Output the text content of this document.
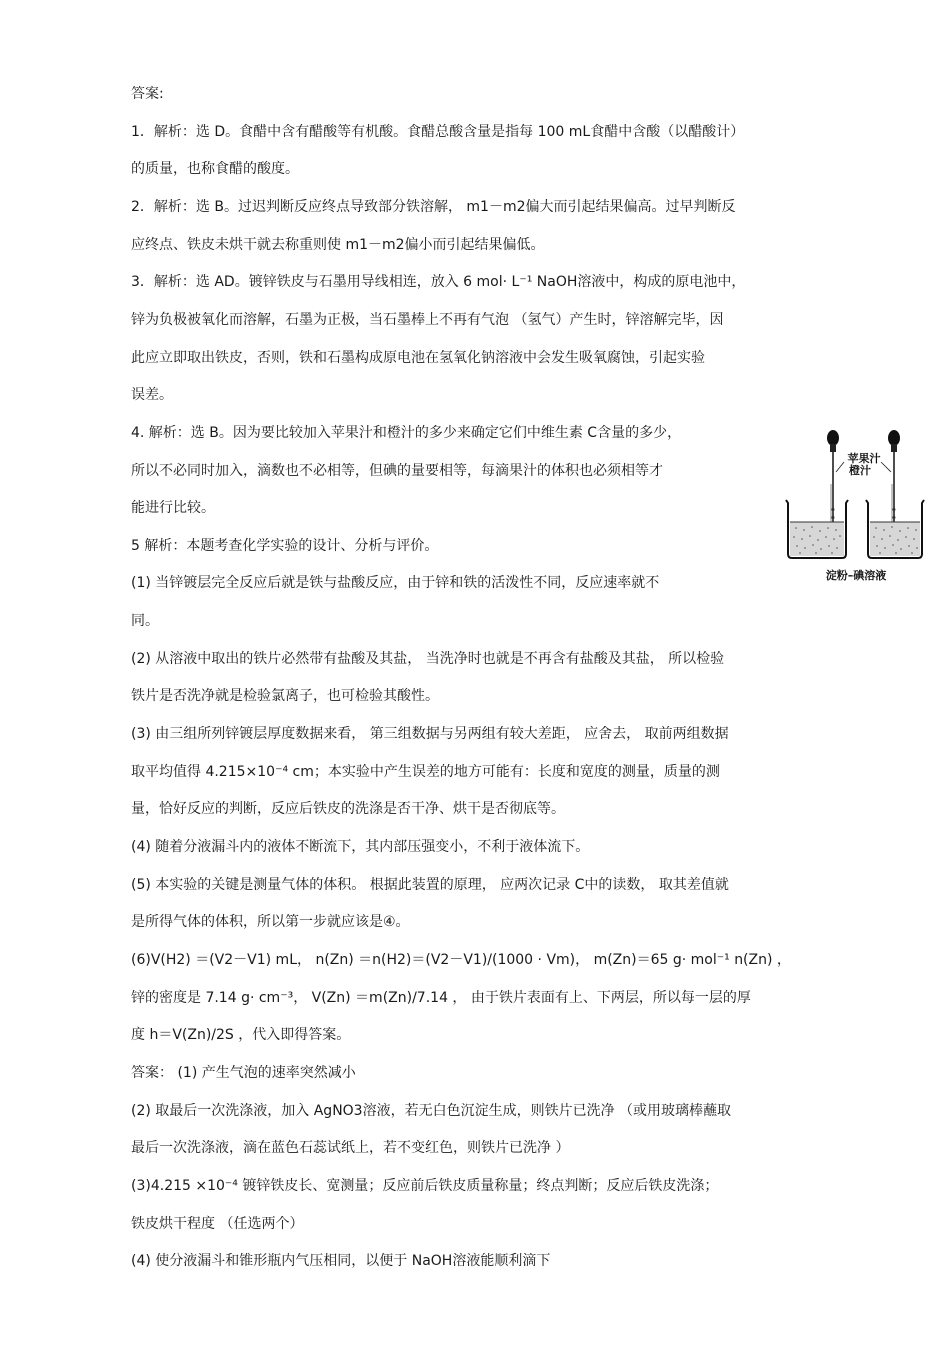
答案:
1．解析：选 D。食醋中含有醋酸等有机酸。食醋总酸含量是指每 100 mL食醋中含酸（以醋酸计）
的质量，也称食醋的酸度。
2．解析：选 B。过迟判断反应终点导致部分铁溶解， m1－m2偏大而引起结果偏高。过早判断反
应终点、铁皮未烘干就去称重则使 m1－m2偏小而引起结果偏低。
3．解析：选 AD。镀锌铁皮与石墨用导线相连，放入 6 mol· L⁻¹ NaOH溶液中，构成的原电池中，
锌为负极被氧化而溶解，石墨为正极，当石墨棒上不再有气泡 （氢气）产生时，锌溶解完毕，因
此应立即取出铁皮，否则，铁和石墨构成原电池在氢氧化钠溶液中会发生吸氧腐蚀，引起实验
误差。
4. 解析：选 B。因为要比较加入苹果汁和橙汁的多少来确定它们中维生素 C含量的多少，
所以不必同时加入，滴数也不必相等，但碘的量要相等，每滴果汁的体积也必须相等才
能进行比较。
5 解析：本题考查化学实验的设计、分析与评价。
(1) 当锌镀层完全反应后就是铁与盐酸反应，由于锌和铁的活泼性不同，反应速率就不
同。
(2) 从溶液中取出的铁片必然带有盐酸及其盐， 当洗净时也就是不再含有盐酸及其盐， 所以检验
铁片是否洗净就是检验氯离子，也可检验其酸性。
(3) 由三组所列锌镀层厚度数据来看， 第三组数据与另两组有较大差距， 应舍去， 取前两组数据
取平均值得 4.215×10⁻⁴ cm；本实验中产生误差的地方可能有：长度和宽度的测量，质量的测
量，恰好反应的判断，反应后铁皮的洗涤是否干净、烘干是否彻底等。
(4) 随着分液漏斗内的液体不断流下，其内部压强变小，不利于液体流下。
(5) 本实验的关键是测量气体的体积。 根据此装置的原理， 应两次记录 C中的读数， 取其差值就
是所得气体的体积，所以第一步就应该是④。
(6)V(H2) ＝(V2－V1) mL， n(Zn) ＝n(H2)＝(V2－V1)/(1000 · Vm)， m(Zn)＝65 g· mol⁻¹ n(Zn) ，
锌的密度是 7.14 g· cm⁻³， V(Zn) ＝m(Zn)/7.14 ， 由于铁片表面有上、下两层，所以每一层的厚
度 h＝V(Zn)/2S ，代入即得答案。
答案： (1) 产生气泡的速率突然减小
(2) 取最后一次洗涤液，加入 AgNO3溶液，若无白色沉淀生成，则铁片已洗净 （或用玻璃棒蘸取
最后一次洗涤液，滴在蓝色石蕊试纸上，若不变红色，则铁片已洗净 ）
(3)4.215 ×10⁻⁴ 镀锌铁皮长、宽测量；反应前后铁皮质量称量；终点判断；反应后铁皮洗涤；
铁皮烘干程度 （任选两个）
(4) 使分液漏斗和锥形瓶内气压相同，以便于 NaOH溶液能顺利滴下
o
o
o
o
苹果汁
橙汁
淀粉–碘溶液
